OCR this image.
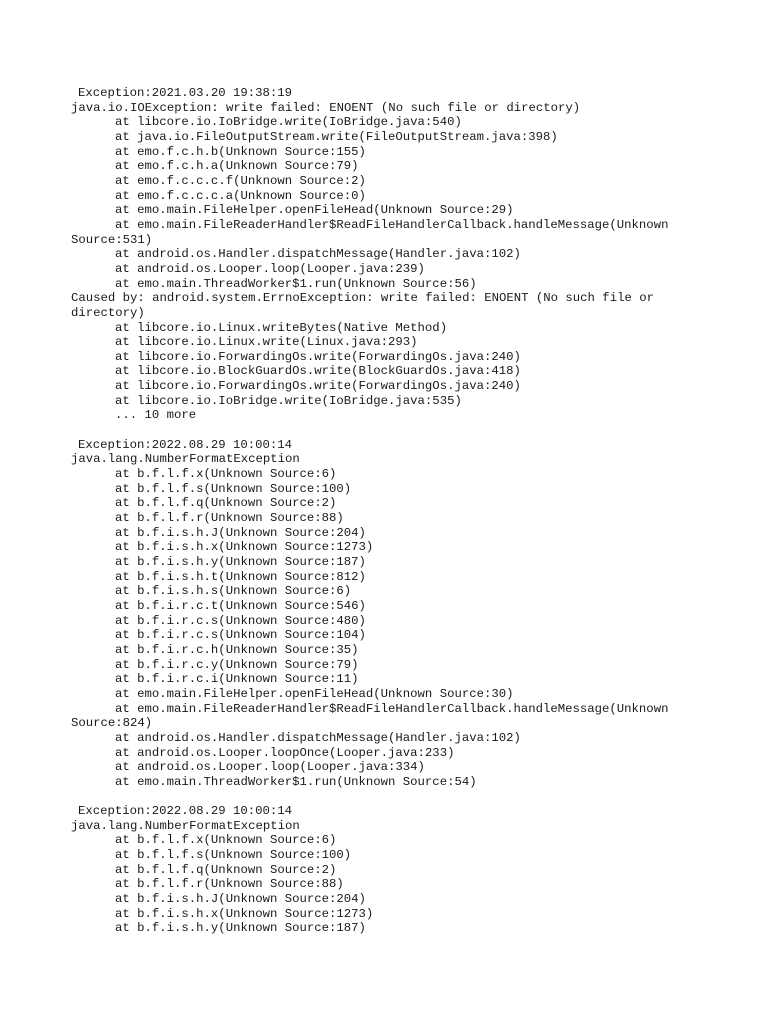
Exception:2021.03.20 19:38:19
java.io.IOException: write failed: ENOENT (No such file or directory)
at libcore.io.IoBridge.write(IoBridge.java:540)
at java.io.FileOutputStream.write(FileOutputStream.java:398)
at emo.f.c.h.b(Unknown Source:155)
at emo.f.c.h.a(Unknown Source:79)
at emo.f.c.c.c.f(Unknown Source:2)
at emo.f.c.c.c.a(Unknown Source:0)
at emo.main.FileHelper.openFileHead(Unknown Source:29)
at emo.main.FileReaderHandler$ReadFileHandlerCallback.handleMessage(Unknown
Source:531)
at android.os.Handler.dispatchMessage(Handler.java:102)
at android.os.Looper.loop(Looper.java:239)
at emo.main.ThreadWorker$1.run(Unknown Source:56)
Caused by: android.system.ErrnoException: write failed: ENOENT (No such file or
directory)
at libcore.io.Linux.writeBytes(Native Method)
at libcore.io.Linux.write(Linux.java:293)
at libcore.io.ForwardingOs.write(ForwardingOs.java:240)
at libcore.io.BlockGuardOs.write(BlockGuardOs.java:418)
at libcore.io.ForwardingOs.write(ForwardingOs.java:240)
at libcore.io.IoBridge.write(IoBridge.java:535)
... 10 more
Exception:2022.08.29 10:00:14
java.lang.NumberFormatException
at b.f.l.f.x(Unknown Source:6)
at b.f.l.f.s(Unknown Source:100)
at b.f.l.f.q(Unknown Source:2)
at b.f.l.f.r(Unknown Source:88)
at b.f.i.s.h.J(Unknown Source:204)
at b.f.i.s.h.x(Unknown Source:1273)
at b.f.i.s.h.y(Unknown Source:187)
at b.f.i.s.h.t(Unknown Source:812)
at b.f.i.s.h.s(Unknown Source:6)
at b.f.i.r.c.t(Unknown Source:546)
at b.f.i.r.c.s(Unknown Source:480)
at b.f.i.r.c.s(Unknown Source:104)
at b.f.i.r.c.h(Unknown Source:35)
at b.f.i.r.c.y(Unknown Source:79)
at b.f.i.r.c.i(Unknown Source:11)
at emo.main.FileHelper.openFileHead(Unknown Source:30)
at emo.main.FileReaderHandler$ReadFileHandlerCallback.handleMessage(Unknown
Source:824)
at android.os.Handler.dispatchMessage(Handler.java:102)
at android.os.Looper.loopOnce(Looper.java:233)
at android.os.Looper.loop(Looper.java:334)
at emo.main.ThreadWorker$1.run(Unknown Source:54)
Exception:2022.08.29 10:00:14
java.lang.NumberFormatException
at b.f.l.f.x(Unknown Source:6)
at b.f.l.f.s(Unknown Source:100)
at b.f.l.f.q(Unknown Source:2)
at b.f.l.f.r(Unknown Source:88)
at b.f.i.s.h.J(Unknown Source:204)
at b.f.i.s.h.x(Unknown Source:1273)
at b.f.i.s.h.y(Unknown Source:187)
